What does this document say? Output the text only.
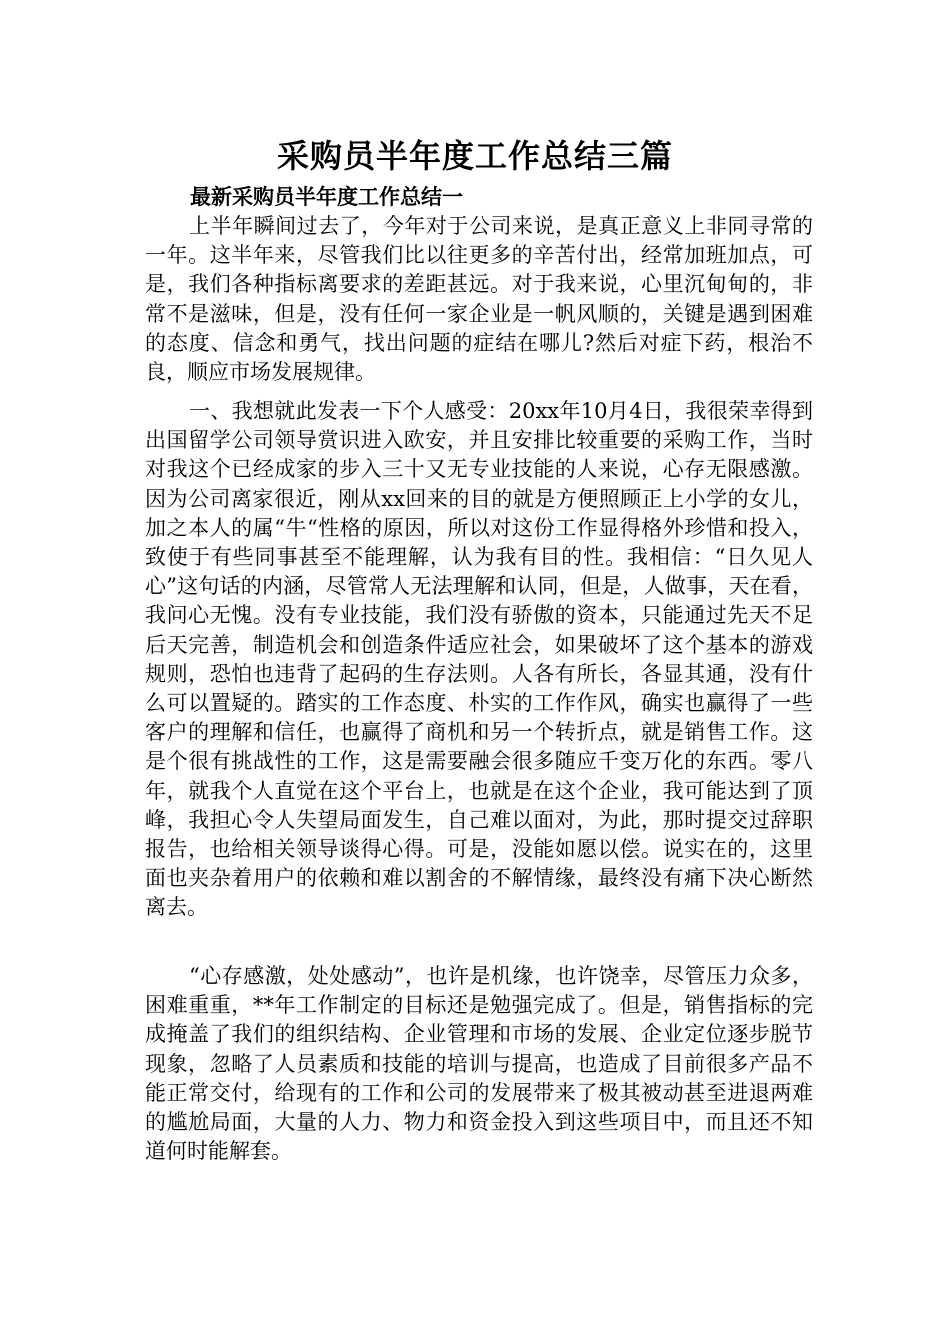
采购员半年度工作总结三篇
最新采购员半年度工作总结一

上半年瞬间过去了，今年对于公司来说，是真正意义上非同寻常的一年。这半年来，尽管我们比以往更多的辛苦付出，经常加班加点，可是，我们各种指标离要求的差距甚远。对于我来说，心里沉甸甸的，非常不是滋味，但是，没有任何一家企业是一帆风顺的，关键是遇到困难的态度、信念和勇气，找出问题的症结在哪儿?然后对症下药，根治不良，顺应市场发展规律。

一、我想就此发表一下个人感受：20xx年10月4日，我很荣幸得到出国留学公司领导赏识进入欧安，并且安排比较重要的采购工作，当时对我这个已经成家的步入三十又无专业技能的人来说，心存无限感激。因为公司离家很近，刚从xx回来的目的就是方便照顾正上小学的女儿，加之本人的属“牛“性格的原因，所以对这份工作显得格外珍惜和投入，致使于有些同事甚至不能理解，认为我有目的性。我相信：“日久见人心”这句话的内涵，尽管常人无法理解和认同，但是，人做事，天在看，我问心无愧。没有专业技能，我们没有骄傲的资本，只能通过先天不足后天完善，制造机会和创造条件适应社会，如果破坏了这个基本的游戏规则，恐怕也违背了起码的生存法则。人各有所长，各显其通，没有什么可以置疑的。踏实的工作态度、朴实的工作作风，确实也赢得了一些客户的理解和信任，也赢得了商机和另一个转折点，就是销售工作。这是个很有挑战性的工作，这是需要融会很多随应千变万化的东西。零八年，就我个人直觉在这个平台上，也就是在这个企业，我可能达到了顶峰，我担心令人失望局面发生，自己难以面对，为此，那时提交过辞职报告，也给相关领导谈得心得。可是，没能如愿以偿。说实在的，这里面也夹杂着用户的依赖和难以割舍的不解情缘，最终没有痛下决心断然离去。

“心存感激，处处感动”，也许是机缘，也许饶幸，尽管压力众多，困难重重，**年工作制定的目标还是勉强完成了。但是，销售指标的完成掩盖了我们的组织结构、企业管理和市场的发展、企业定位逐步脱节现象，忽略了人员素质和技能的培训与提高，也造成了目前很多产品不能正常交付，给现有的工作和公司的发展带来了极其被动甚至进退两难的尴尬局面，大量的人力、物力和资金投入到这些项目中，而且还不知道何时能解套。
